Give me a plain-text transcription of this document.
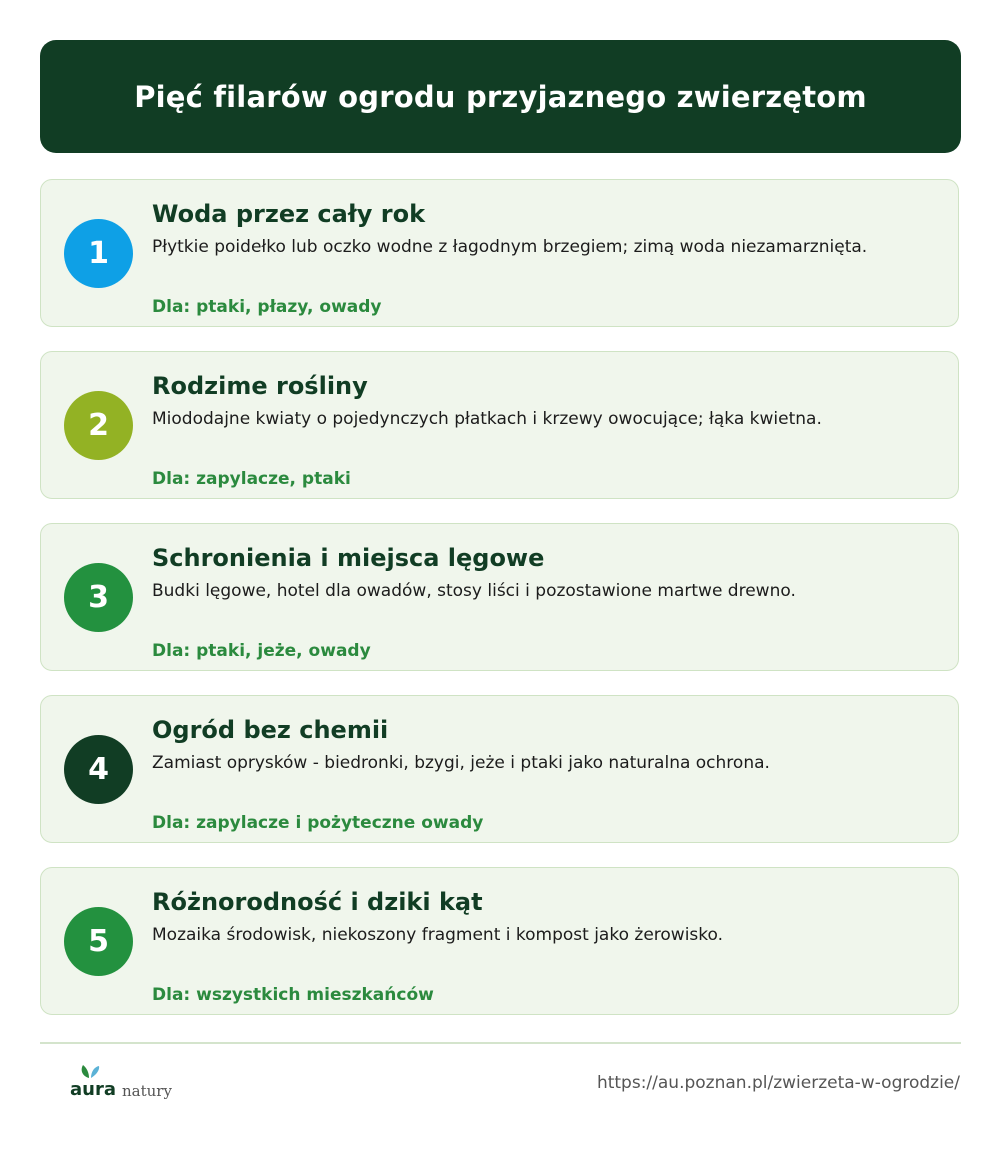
Pięć filarów ogrodu przyjaznego zwierzętom
1
Woda przez cały rok

Płytkie poidełko lub oczko wodne z łagodnym brzegiem; zimą woda niezamarznięta.

Dla: ptaki, płazy, owady

2
Rodzime rośliny

Miododajne kwiaty o pojedynczych płatkach i krzewy owocujące; łąka kwietna.

Dla: zapylacze, ptaki

3
Schronienia i miejsca lęgowe

Budki lęgowe, hotel dla owadów, stosy liści i pozostawione martwe drewno.

Dla: ptaki, jeże, owady

4
Ogród bez chemii

Zamiast oprysków - biedronki, bzygi, jeże i ptaki jako naturalna ochrona.

Dla: zapylacze i pożyteczne owady

5
Różnorodność i dziki kąt

Mozaika środowisk, niekoszony fragment i kompost jako żerowisko.

Dla: wszystkich mieszkańców

aura natury	https://au.poznan.pl/zwierzeta-w-ogrodzie/
